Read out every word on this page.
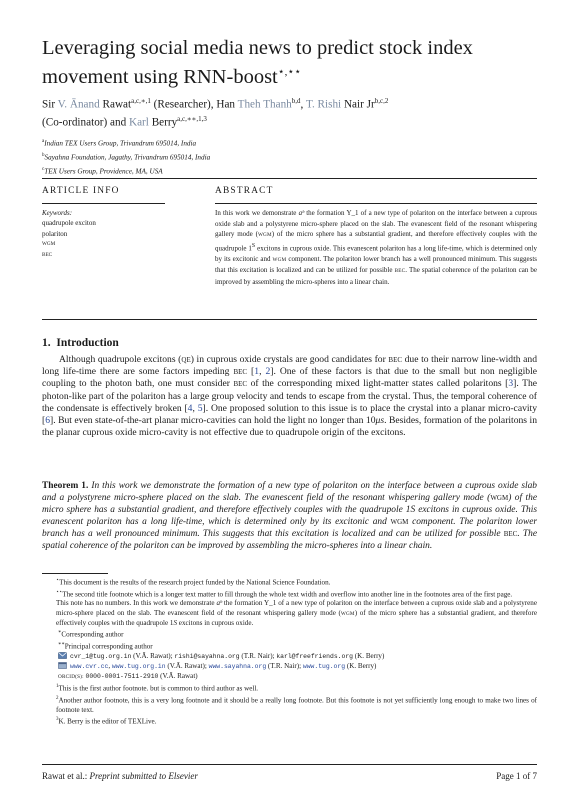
Leveraging social media news to predict stock index
movement using RNN-boost⋆,⋆⋆
Sir V. Ānand Rawat$^{a,c,∗,1}$ (Researcher), Han Theh Thanh$^{b,d}$, T. Rishi Nair Jr$^{b,c,2}$
(Co-ordinator) and Karl Berry$^{a,c,∗∗,1,3}$
$^a$Indian TEX Users Group, Trivandrum 695014, India
$^b$Sayahna Foundation, Jagathy, Trivandrum 695014, India
$^c$TEX Users Group, Providence, MA, USA
ARTICLE INFO	ABSTRACT
Keywords:
quadrupole exciton
polariton
WGM
BEC
In this work we demonstrate aᵇ the formation Y_1 of a new type of polariton on the interface between a cuprous oxide slab and a polystyrene micro-sphere placed on the slab. The evanescent field of the resonant whispering gallery mode (WGM) of the micro sphere has a substantial gradient, and therefore effectively couples with the quadrupole $1^S$ excitons in cuprous oxide. This evanescent polariton has a long life-time, which is determined only by its excitonic and WGM component. The polariton lower branch has a well pronounced minimum. This suggests that this excitation is localized and can be utilized for possible BEC. The spatial coherence of the polariton can be improved by assembling the micro-spheres into a linear chain.
1. Introduction
Although quadrupole excitons (QE) in cuprous oxide crystals are good candidates for BEC due to their narrow line-width and long life-time there are some factors impeding BEC [1, 2]. One of these factors is that due to the small but non negligible coupling to the photon bath, one must consider BEC of the corresponding mixed light-matter states called polaritons [3]. The photon-like part of the polariton has a large group velocity and tends to escape from the crystal. Thus, the temporal coherence of the condensate is effectively broken [4, 5]. One proposed solution to this issue is to place the crystal into a planar micro-cavity [6]. But even state-of-the-art planar micro-cavities can hold the light no longer than 10μs. Besides, formation of the polaritons in the planar cuprous oxide micro-cavity is not effective due to quadrupole origin of the excitons.
Theorem 1. In this work we demonstrate the formation of a new type of polariton on the interface between a cuprous oxide slab and a polystyrene micro-sphere placed on the slab. The evanescent field of the resonant whispering gallery mode (WGM) of the micro sphere has a substantial gradient, and therefore effectively couples with the quadrupole 1S excitons in cuprous oxide. This evanescent polariton has a long life-time, which is determined only by its excitonic and WGM component. The polariton lower branch has a well pronounced minimum. This suggests that this excitation is localized and can be utilized for possible BEC. The spatial coherence of the polariton can be improved by assembling the micro-spheres into a linear chain.

⋆This document is the results of the research project funded by the National Science Foundation.

⋆⋆The second title footnote which is a longer text matter to fill through the whole text width and overflow into another line in the footnotes area of the first page.

This note has no numbers. In this work we demonstrate aᵇ the formation Y_1 of a new type of polariton on the interface between a cuprous oxide slab and a polystyrene micro-sphere placed on the slab. The evanescent field of the resonant whispering gallery mode (WGM) of the micro sphere has a substantial gradient, and therefore effectively couples with the quadrupole 1S excitons in cuprous oxide.

∗Corresponding author

∗∗Principal corresponding author

cvr_1@tug.org.in (V.Ā. Rawat); rishi@sayahna.org (T.R. Nair); karl@freefriends.org (K. Berry)

www.cvr.cc, www.tug.org.in (V.Ā. Rawat); www.sayahna.org (T.R. Nair); www.tug.org (K. Berry)

ORCID(S): 0000-0001-7511-2910 (V.Ā. Rawat)

$^1$This is the first author footnote. but is common to third author as well.

$^2$Another author footnote, this is a very long footnote and it should be a really long footnote. But this footnote is not yet sufficiently long enough to make two lines of footnote text.

$^3$K. Berry is the editor of TEXLive.

Rawat et al.: Preprint submitted to Elsevier	Page 1 of 7
